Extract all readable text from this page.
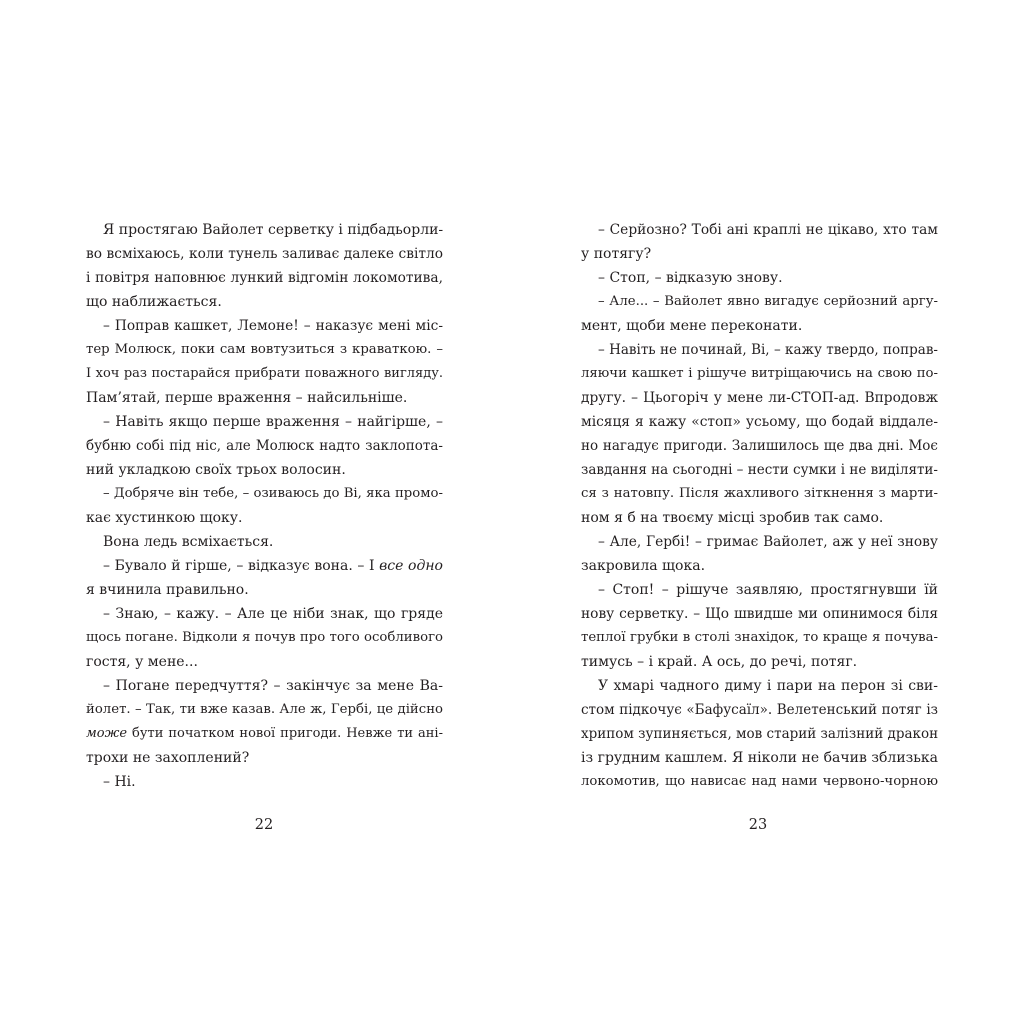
Я простягаю Вайолет серветку і підбадьорли-
во всміхаюсь, коли тунель заливає далеке світло
і повітря наповнює лункий відгомін локомотива,
що наближається.
– Поправ кашкет, Лемоне! – наказує мені міс-
тер Молюск, поки сам вовтузиться з краваткою. –
І хоч раз постарайся прибрати поважного вигляду.
Пам’ятай, перше враження – найсильніше.
– Навіть якщо перше враження – найгірше, –
бубню собі під ніс, але Молюск надто заклопота-
ний укладкою своїх трьох волосин.
– Добряче він тебе, – озиваюсь до Ві, яка промо-
кає хустинкою щоку.
Вона ледь всміхається.
– Бувало й гірше, – відказує вона. – І все одно
я вчинила правильно.
– Знаю, – кажу. – Але це ніби знак, що гряде
щось погане. Відколи я почув про того особливого
гостя, у мене...
– Погане передчуття? – закінчує за мене Ва-
йолет. – Так, ти вже казав. Але ж, Гербі, це дійсно
може бути початком нової пригоди. Невже ти ані-
трохи не захоплений?
– Ні.
22
– Серйозно? Тобі ані краплі не цікаво, хто там
у потягу?
– Стоп, – відказую знову.
– Але... – Вайолет явно вигадує серйозний аргу-
мент, щоби мене переконати.
– Навіть не починай, Ві, – кажу твердо, поправ-
ляючи кашкет і рішуче витріщаючись на свою по-
другу. – Цьогоріч у мене ли-СТОП-ад. Впродовж
місяця я кажу «стоп» усьому, що бодай віддале-
но нагадує пригоди. Залишилось ще два дні. Моє
завдання на сьогодні – нести сумки і не виділяти-
ся з натовпу. Після жахливого зіткнення з марти-
ном я б на твоєму місці зробив так само.
– Але, Гербі! – гримає Вайолет, аж у неї знову
закровила щока.
– Стоп! – рішуче заявляю, простягнувши їй
нову серветку. – Що швидше ми опинимося біля
теплої грубки в столі знахідок, то краще я почува-
тимусь – і край. А ось, до речі, потяг.
У хмарі чадного диму і пари на перон зі сви-
стом підкочує «Бафусаїл». Велетенський потяг із
хрипом зупиняється, мов старий залізний дракон
із грудним кашлем. Я ніколи не бачив зблизька
локомотив, що нависає над нами червоно-чорною
23
